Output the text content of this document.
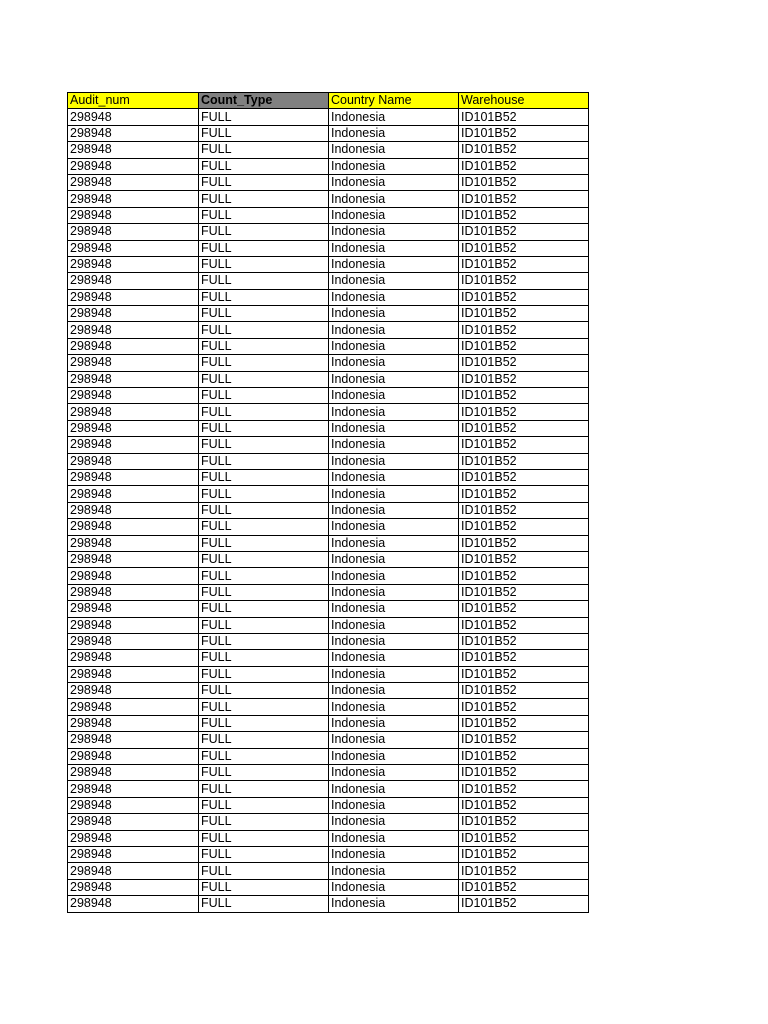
Audit_num	Count_Type	Country Name	Warehouse
298948	FULL	Indonesia	ID101B52
298948	FULL	Indonesia	ID101B52
298948	FULL	Indonesia	ID101B52
298948	FULL	Indonesia	ID101B52
298948	FULL	Indonesia	ID101B52
298948	FULL	Indonesia	ID101B52
298948	FULL	Indonesia	ID101B52
298948	FULL	Indonesia	ID101B52
298948	FULL	Indonesia	ID101B52
298948	FULL	Indonesia	ID101B52
298948	FULL	Indonesia	ID101B52
298948	FULL	Indonesia	ID101B52
298948	FULL	Indonesia	ID101B52
298948	FULL	Indonesia	ID101B52
298948	FULL	Indonesia	ID101B52
298948	FULL	Indonesia	ID101B52
298948	FULL	Indonesia	ID101B52
298948	FULL	Indonesia	ID101B52
298948	FULL	Indonesia	ID101B52
298948	FULL	Indonesia	ID101B52
298948	FULL	Indonesia	ID101B52
298948	FULL	Indonesia	ID101B52
298948	FULL	Indonesia	ID101B52
298948	FULL	Indonesia	ID101B52
298948	FULL	Indonesia	ID101B52
298948	FULL	Indonesia	ID101B52
298948	FULL	Indonesia	ID101B52
298948	FULL	Indonesia	ID101B52
298948	FULL	Indonesia	ID101B52
298948	FULL	Indonesia	ID101B52
298948	FULL	Indonesia	ID101B52
298948	FULL	Indonesia	ID101B52
298948	FULL	Indonesia	ID101B52
298948	FULL	Indonesia	ID101B52
298948	FULL	Indonesia	ID101B52
298948	FULL	Indonesia	ID101B52
298948	FULL	Indonesia	ID101B52
298948	FULL	Indonesia	ID101B52
298948	FULL	Indonesia	ID101B52
298948	FULL	Indonesia	ID101B52
298948	FULL	Indonesia	ID101B52
298948	FULL	Indonesia	ID101B52
298948	FULL	Indonesia	ID101B52
298948	FULL	Indonesia	ID101B52
298948	FULL	Indonesia	ID101B52
298948	FULL	Indonesia	ID101B52
298948	FULL	Indonesia	ID101B52
298948	FULL	Indonesia	ID101B52
298948	FULL	Indonesia	ID101B52
